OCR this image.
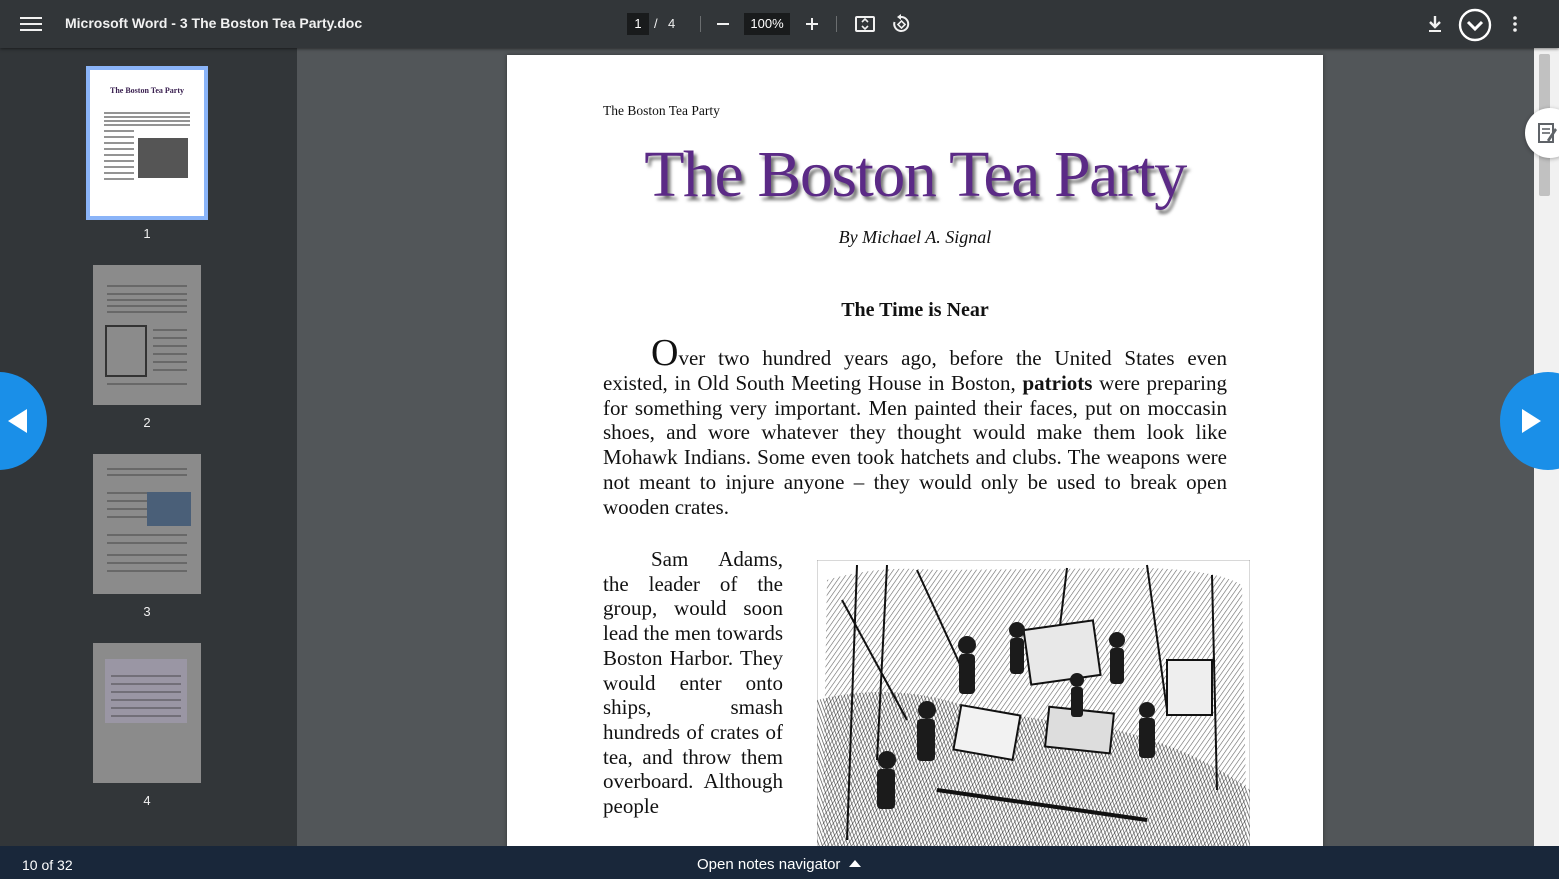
Microsoft Word - 3 The Boston Tea Party.doc	1 / 4	100%
The Boston Tea Party
1
2
3
4
The Boston Tea Party
The Boston Tea Party
By Michael A. Signal
The Time is Near
Over two hundred years ago, before the United States even existed, in Old South Meeting House in Boston, patriots were preparing for something very important. Men painted their faces, put on moccasin shoes, and wore whatever they thought would make them look like Mohawk Indians. Some even took hatchets and clubs. The weapons were not meant to injure anyone – they would only be used to break open wooden crates.
Sam Adams, the leader of the group, would soon lead the men towards Boston Harbor. They would enter onto ships, smash hundreds of crates of tea, and throw them overboard. Although people
10 of 32	Open notes navigator
